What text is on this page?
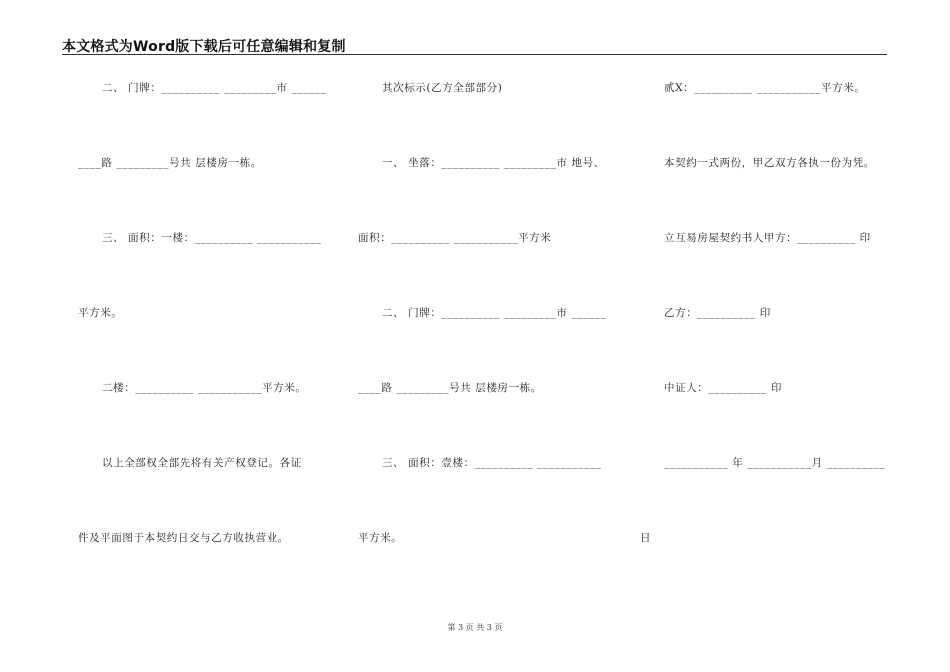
本文格式为Word版下载后可任意编辑和复制
二、 门牌：__________ _________市 ______
____路 _________号共 层楼房一栋。
三、 面积：一楼：__________ ___________
平方米。
二楼：__________ ___________平方米。
以上全部权全部先将有关产权登记。各证
件及平面图于本契约日交与乙方收执营业。
其次标示(乙方全部部分)
一、 坐落：__________ _________市 地号、
面积：__________ ___________平方米
二、 门牌：__________ _________市 ______
____路 _________号共 层楼房一栋。
三、 面积：壹楼：__________ ___________
平方米。
贰X：__________ ___________平方米。
本契约一式两份，甲乙双方各执一份为凭。
立互易房屋契约书人甲方：__________ 印
乙方：__________ 印
中证人：__________ 印
___________ 年 ___________月 __________
日
第 3 页 共 3 页
